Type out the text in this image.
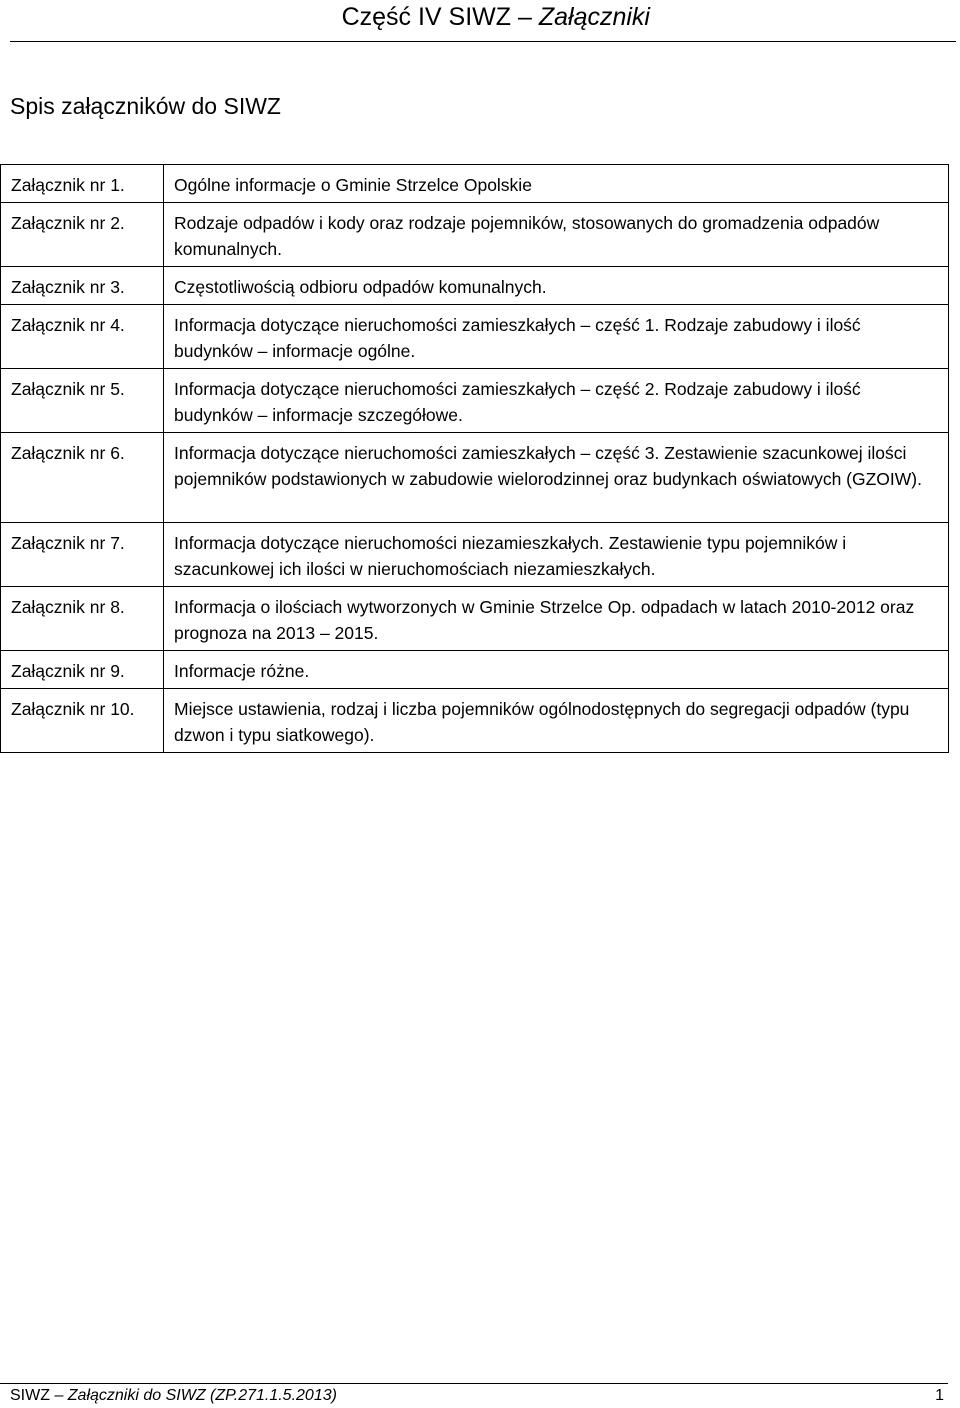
Część IV SIWZ – Załączniki
Spis załączników do SIWZ
Załącznik nr 1.	Ogólne informacje o Gminie Strzelce Opolskie
Załącznik nr 2.	Rodzaje odpadów i kody oraz rodzaje pojemników, stosowanych do gromadzenia odpadów komunalnych.
Załącznik nr 3.	Częstotliwością odbioru odpadów komunalnych.
Załącznik nr 4.	Informacja dotyczące nieruchomości zamieszkałych – część 1. Rodzaje zabudowy i ilość budynków – informacje ogólne.
Załącznik nr 5.	Informacja dotyczące nieruchomości zamieszkałych – część 2. Rodzaje zabudowy i ilość budynków – informacje szczegółowe.
Załącznik nr 6.	Informacja dotyczące nieruchomości zamieszkałych – część 3. Zestawienie szacunkowej ilości pojemników podstawionych w zabudowie wielorodzinnej oraz budynkach oświatowych (GZOIW).
Załącznik nr 7.	Informacja dotyczące nieruchomości niezamieszkałych. Zestawienie typu pojemników i szacunkowej ich ilości w nieruchomościach niezamieszkałych.
Załącznik nr 8.	Informacja o ilościach wytworzonych w Gminie Strzelce Op. odpadach w latach 2010-2012 oraz prognoza na 2013 – 2015.
Załącznik nr 9.	Informacje różne.
Załącznik nr 10.	Miejsce ustawienia, rodzaj i liczba pojemników ogólnodostępnych do segregacji odpadów (typu dzwon i typu siatkowego).
SIWZ – Załączniki do SIWZ (ZP.271.1.5.2013)	1
